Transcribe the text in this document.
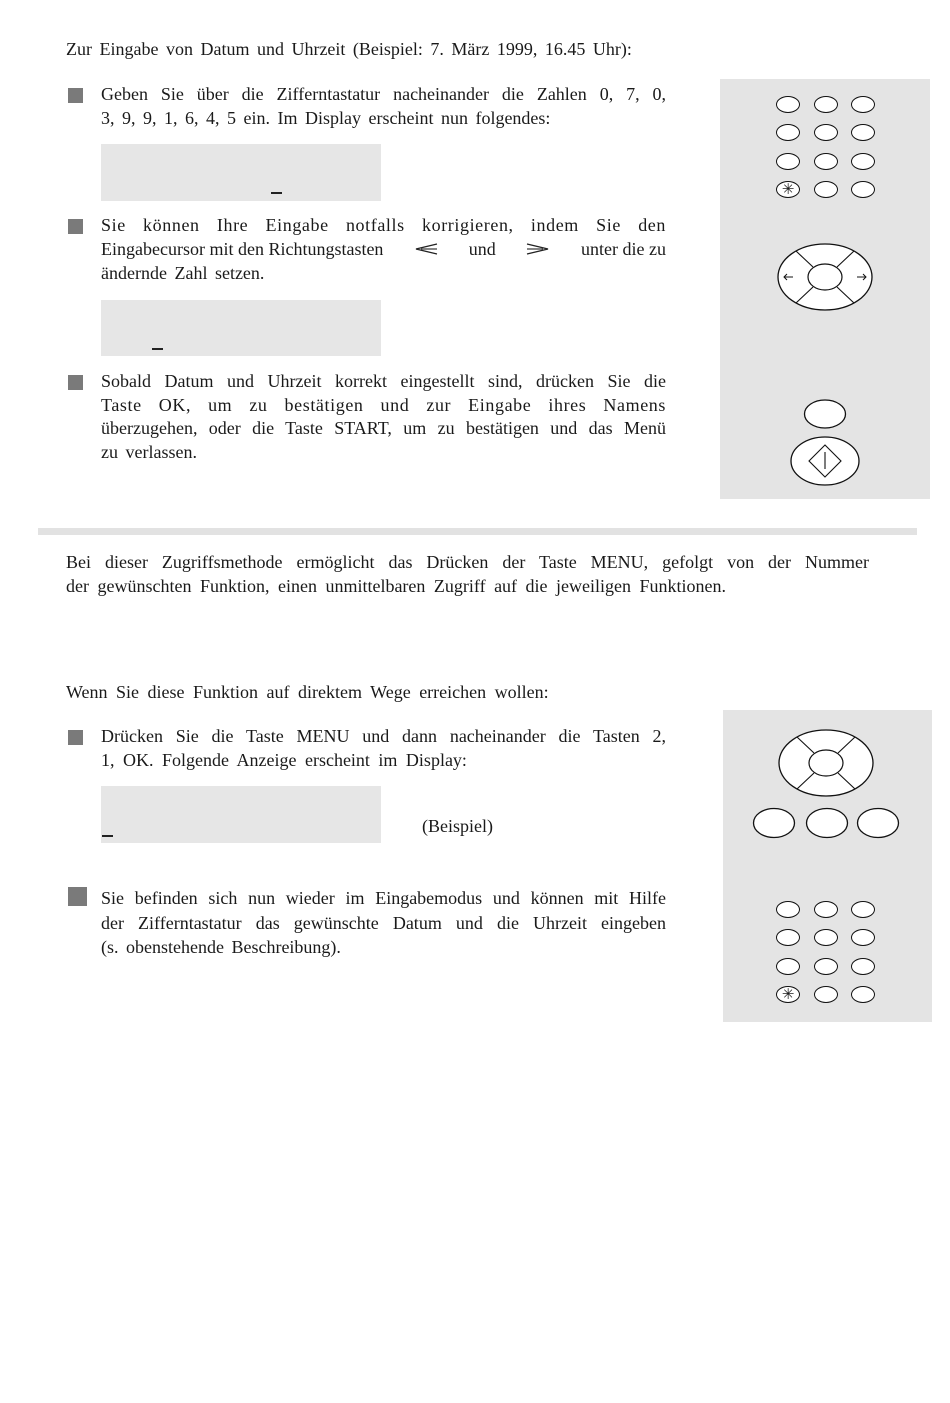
Zur Eingabe von Datum und Uhrzeit (Beispiel: 7. März 1999, 16.45 Uhr):
Geben Sie über die Zifferntastatur nacheinander die Zahlen 0, 7, 0,
3, 9, 9, 1, 6, 4, 5 ein. Im Display erscheint nun folgendes:
Sie können Ihre Eingabe notfalls korrigieren, indem Sie den
Eingabecursor mit den Richtungstasten	und	unter die zu
ändernde Zahl setzen.
Sobald Datum und Uhrzeit korrekt eingestellt sind, drücken Sie die
Taste OK, um zu bestätigen und zur Eingabe ihres Namens
überzugehen, oder die Taste START, um zu bestätigen und das Menü
zu verlassen.
✳
Bei dieser Zugriffsmethode ermöglicht das Drücken der Taste MENU, gefolgt von der Nummer
der gewünschten Funktion, einen unmittelbaren Zugriff auf die jeweiligen Funktionen.
Wenn Sie diese Funktion auf direktem Wege erreichen wollen:
Drücken Sie die Taste MENU und dann nacheinander die Tasten 2,
1, OK. Folgende Anzeige erscheint im Display:
(Beispiel)
Sie befinden sich nun wieder im Eingabemodus und können mit Hilfe
der Zifferntastatur das gewünschte Datum und die Uhrzeit eingeben
(s. obenstehende Beschreibung).
✳
